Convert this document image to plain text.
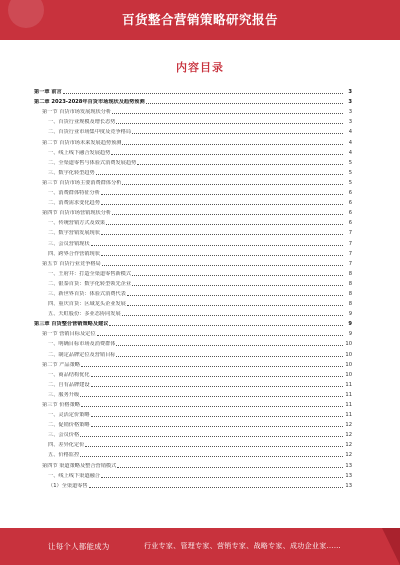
百货整合营销策略研究报告
内容目录
第一章 前言	3
第二章 2023-2028年百货市场现状及趋势预测	3
第一节 百货市场发展现状分析	3
一、百货行业规模及增长态势	3
二、百货行业市场集中度及竞争格局	4
第二节 百货市场未来发展趋势预测	4
一、线上线下融合发展趋势	4
二、全渠道零售与体验式消费发展趋势	5
三、数字化转型趋势	5
第三节 百货市场主要消费群体分析	5
一、消费群体特征分析	6
二、消费需求变化趋势	6
第四节 百货市场营销现状分析	6
一、传统营销方式及效果	6
二、数字营销发展现状	7
三、会员营销现状	7
四、跨界合作营销现状	7
第五节 百货行业竞争格局	7
一、王府井：打造全渠道零售新模式	8
二、银泰百货：数字化转型领先企业	8
三、新世界百货：体验式消费代表	8
四、重庆百货：区域龙头企业发展	8
五、天虹股份：多业态协同发展	9
第三章 百货整合营销策略及建议	9
第一节 营销目标及定位	9
一、明确目标市场及消费群体	10
二、制定品牌定位及营销目标	10
第二节 产品策略	10
一、商品结构优化	10
二、自有品牌建设	11
三、服务升级	11
第三节 价格策略	11
一、灵活定价策略	11
二、促销价格策略	12
三、会员价格	12
四、差异化定价	12
五、价格监控	12
第四节 渠道策略及整合营销模式	13
一、线上线下渠道融合	13
（1）全渠道零售	13
让每个人都能成为	行业专家、管理专家、营销专家、战略专家、成功企业家……
